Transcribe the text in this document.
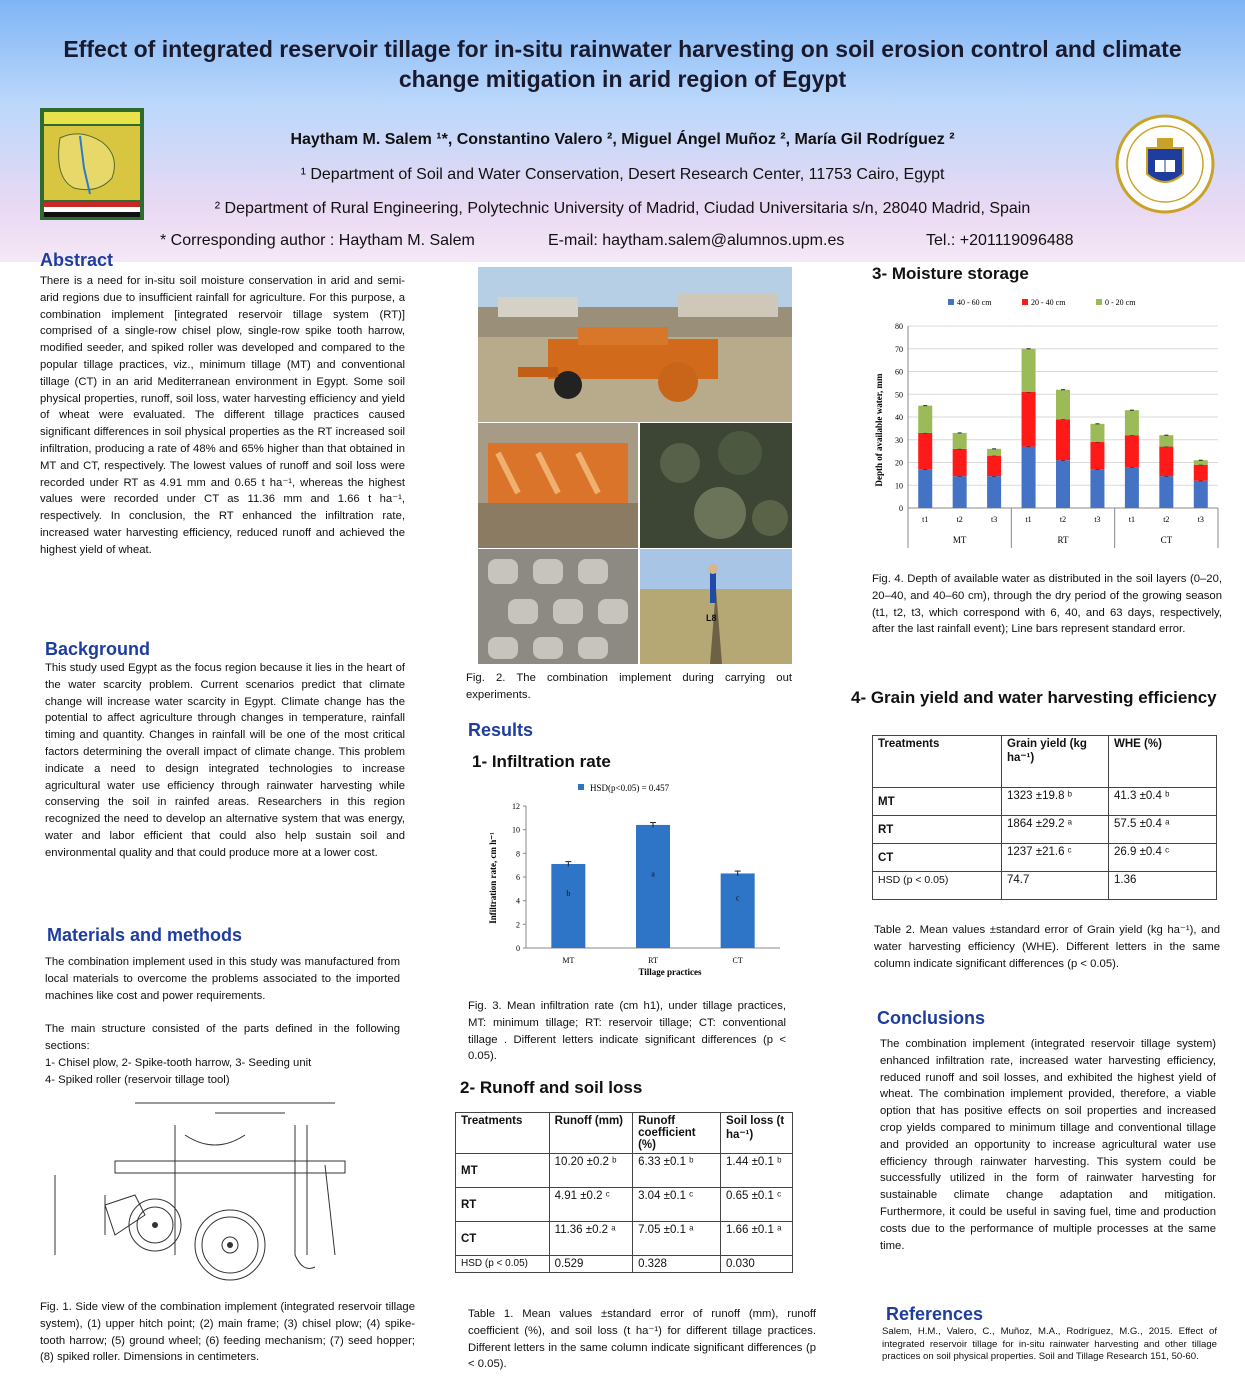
Effect of integrated reservoir tillage for in-situ rainwater harvesting on soil erosion control and climate change mitigation in arid region of Egypt
Haytham M. Salem ¹*, Constantino Valero ², Miguel Ángel Muñoz ², María Gil Rodríguez ²
¹ Department of Soil and Water Conservation, Desert Research Center, 11753 Cairo, Egypt
² Department of Rural Engineering, Polytechnic University of Madrid, Ciudad Universitaria s/n, 28040 Madrid, Spain
* Corresponding author : Haytham M. Salem	E-mail: haytham.salem@alumnos.upm.es	Tel.: +201119096488
Abstract
There is a need for in-situ soil moisture conservation in arid and semi-arid regions due to insufficient rainfall for agriculture. For this purpose, a combination implement [integrated reservoir tillage system (RT)] comprised of a single-row chisel plow, single-row spike tooth harrow, modified seeder, and spiked roller was developed and compared to the popular tillage practices, viz., minimum tillage (MT) and conventional tillage (CT) in an arid Mediterranean environment in Egypt. Some soil physical properties, runoff, soil loss, water harvesting efficiency and yield of wheat were evaluated. The different tillage practices caused significant differences in soil physical properties as the RT increased soil infiltration, producing a rate of 48% and 65% higher than that obtained in MT and CT, respectively. The lowest values of runoff and soil loss were recorded under RT as 4.91 mm and 0.65 t ha⁻¹, whereas the highest values were recorded under CT as 11.36 mm and 1.66 t ha⁻¹, respectively. In conclusion, the RT enhanced the infiltration rate, increased water harvesting efficiency, reduced runoff and achieved the highest yield of wheat.
Background
This study used Egypt as the focus region because it lies in the heart of the water scarcity problem. Current scenarios predict that climate change will increase water scarcity in Egypt. Climate change has the potential to affect agriculture through changes in temperature, rainfall timing and quantity. Changes in rainfall will be one of the most critical factors determining the overall impact of climate change. This problem indicate a need to design integrated technologies to increase agricultural water use efficiency through rainwater harvesting while conserving the soil in rainfed areas. Researchers in this region recognized the need to develop an alternative system that was energy, water and labor efficient that could also help sustain soil and environmental quality and that could produce more at a lower cost.
Materials and methods
The combination implement used in this study was manufactured from local materials to overcome the problems associated to the imported machines like cost and power requirements.
The main structure consisted of the parts defined in the following sections:
1- Chisel plow, 2- Spike-tooth harrow, 3- Seeding unit
4- Spiked roller (reservoir tillage tool)
Fig. 1. Side view of the combination implement (integrated reservoir tillage system), (1) upper hitch point; (2) main frame; (3) chisel plow; (4) spike-tooth harrow; (5) ground wheel; (6) feeding mechanism; (7) seed hopper; (8) spiked roller. Dimensions in centimeters.
L8
Fig. 2. The combination implement during carrying out experiments.
Results
1- Infiltration rate
HSD(p<0.05) = 0.457
Tillage practices
Infiltration rate, cm h⁻¹
0
2
4
6
8
10
12
b
MT
a
RT
c
CT
Fig. 3. Mean infiltration rate (cm h1), under tillage practices, MT: minimum tillage; RT: reservoir tillage; CT: conventional tillage . Different letters indicate significant differences (p < 0.05).
2- Runoff and soil loss
Treatments	Runoff (mm)	Runoff coefficient (%)	Soil loss (t ha⁻¹)
MT	10.20 ±0.2 ᵇ	6.33 ±0.1 ᵇ	1.44 ±0.1 ᵇ
RT	4.91 ±0.2 ᶜ	3.04 ±0.1 ᶜ	0.65 ±0.1 ᶜ
CT	11.36 ±0.2 ᵃ	7.05 ±0.1 ᵃ	1.66 ±0.1 ᵃ
HSD (p < 0.05)	0.529	0.328	0.030
Table 1. Mean values ±standard error of runoff (mm), runoff coefficient (%), and soil loss (t ha⁻¹) for different tillage practices. Different letters in the same column indicate significant differences (p < 0.05).
3- Moisture storage
Depth of available water, mm
0
10
20
30
40
50
60
70
80
40 - 60 cm	20 - 40 cm	0 - 20 cm
t1	t2	t3	t1	t2	t3	t1	t2	t3
MT	RT	CT
Fig. 4. Depth of available water as distributed in the soil layers (0–20, 20–40, and 40–60 cm), through the dry period of the growing season (t1, t2, t3, which correspond with 6, 40, and 63 days, respectively, after the last rainfall event); Line bars represent standard error.
4- Grain yield and water harvesting efficiency
Treatments	Grain yield (kg ha⁻¹)	WHE (%)
MT	1323 ±19.8 ᵇ	41.3 ±0.4 ᵇ
RT	1864 ±29.2 ᵃ	57.5 ±0.4 ᵃ
CT	1237 ±21.6 ᶜ	26.9 ±0.4 ᶜ
HSD (p < 0.05)	74.7	1.36
Table 2. Mean values ±standard error of Grain yield (kg ha⁻¹), and water harvesting efficiency (WHE). Different letters in the same column indicate significant differences (p < 0.05).
Conclusions
The combination implement (integrated reservoir tillage system) enhanced infiltration rate, increased water harvesting efficiency, reduced runoff and soil losses, and exhibited the highest yield of wheat. The combination implement provided, therefore, a viable option that has positive effects on soil properties and increased crop yields compared to minimum tillage and conventional tillage and provided an opportunity to increase agricultural water use efficiency through rainwater harvesting. This system could be successfully utilized in the form of rainwater harvesting for sustainable climate change adaptation and mitigation. Furthermore, it could be useful in saving fuel, time and production costs due to the performance of multiple processes at the same time.
References
Salem, H.M., Valero, C., Muñoz, M.A., Rodríguez, M.G., 2015. Effect of integrated reservoir tillage for in-situ rainwater harvesting and other tillage practices on soil physical properties. Soil and Tillage Research 151, 50-60.
